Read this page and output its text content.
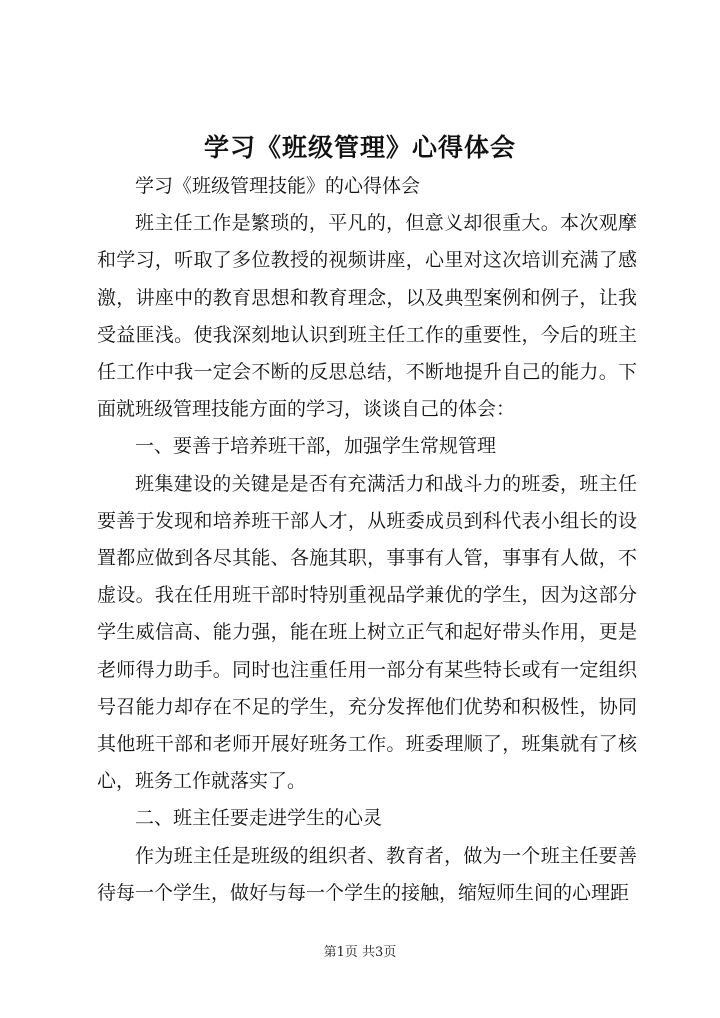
学习《班级管理》心得体会

学习《班级管理技能》的心得体会

班主任工作是繁琐的，平凡的，但意义却很重大。本次观摩和学习，听取了多位教授的视频讲座，心里对这次培训充满了感激，讲座中的教育思想和教育理念，以及典型案例和例子，让我受益匪浅。使我深刻地认识到班主任工作的重要性，今后的班主任工作中我一定会不断的反思总结，不断地提升自己的能力。下面就班级管理技能方面的学习，谈谈自己的体会：

一、要善于培养班干部，加强学生常规管理

班集建设的关键是是否有充满活力和战斗力的班委，班主任要善于发现和培养班干部人才，从班委成员到科代表小组长的设置都应做到各尽其能、各施其职，事事有人管，事事有人做，不虚设。我在任用班干部时特别重视品学兼优的学生，因为这部分学生威信高、能力强，能在班上树立正气和起好带头作用，更是老师得力助手。同时也注重任用一部分有某些特长或有一定组织号召能力却存在不足的学生，充分发挥他们优势和积极性，协同其他班干部和老师开展好班务工作。班委理顺了，班集就有了核心，班务工作就落实了。

二、班主任要走进学生的心灵

作为班主任是班级的组织者、教育者，做为一个班主任要善待每一个学生，做好与每一个学生的接触，缩短师生间的心理距

第1页 共3页
